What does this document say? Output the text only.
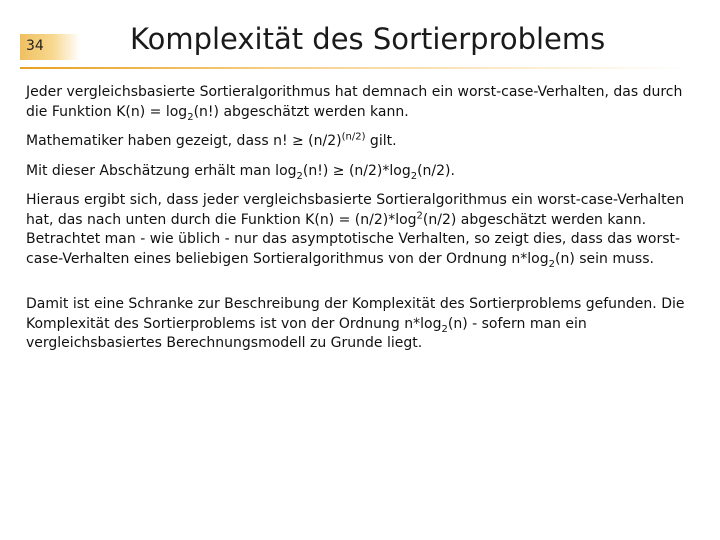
34	Komplexität des Sortierproblems

Jeder vergleichsbasierte Sortieralgorithmus hat demnach ein worst-case-Verhalten, das durch die Funktion $K(n) = \log_2(n!)$ abgeschätzt werden kann.

Mathematiker haben gezeigt, dass n! ≥ $(n/2)^{(n/2)}$ gilt.

Mit dieser Abschätzung erhält man $\log_2(n!) \ge (n/2)*\log_2(n/2)$.

Hieraus ergibt sich, dass jeder vergleichsbasierte Sortieralgorithmus ein worst-case-Verhalten hat, das nach unten durch die Funktion $K(n) = (n/2)*\log^2(n/2)$ abgeschätzt werden kann. Betrachtet man - wie üblich - nur das asymptotische Verhalten, so zeigt dies, dass das worst-case-Verhalten eines beliebigen Sortieralgorithmus von der Ordnung $n*\log_2(n)$ sein muss.

Damit ist eine Schranke zur Beschreibung der Komplexität des Sortierproblems gefunden. Die Komplexität des Sortierproblems ist von der Ordnung $n*\log_2(n)$ - sofern man ein vergleichsbasiertes Berechnungsmodell zu Grunde liegt.
